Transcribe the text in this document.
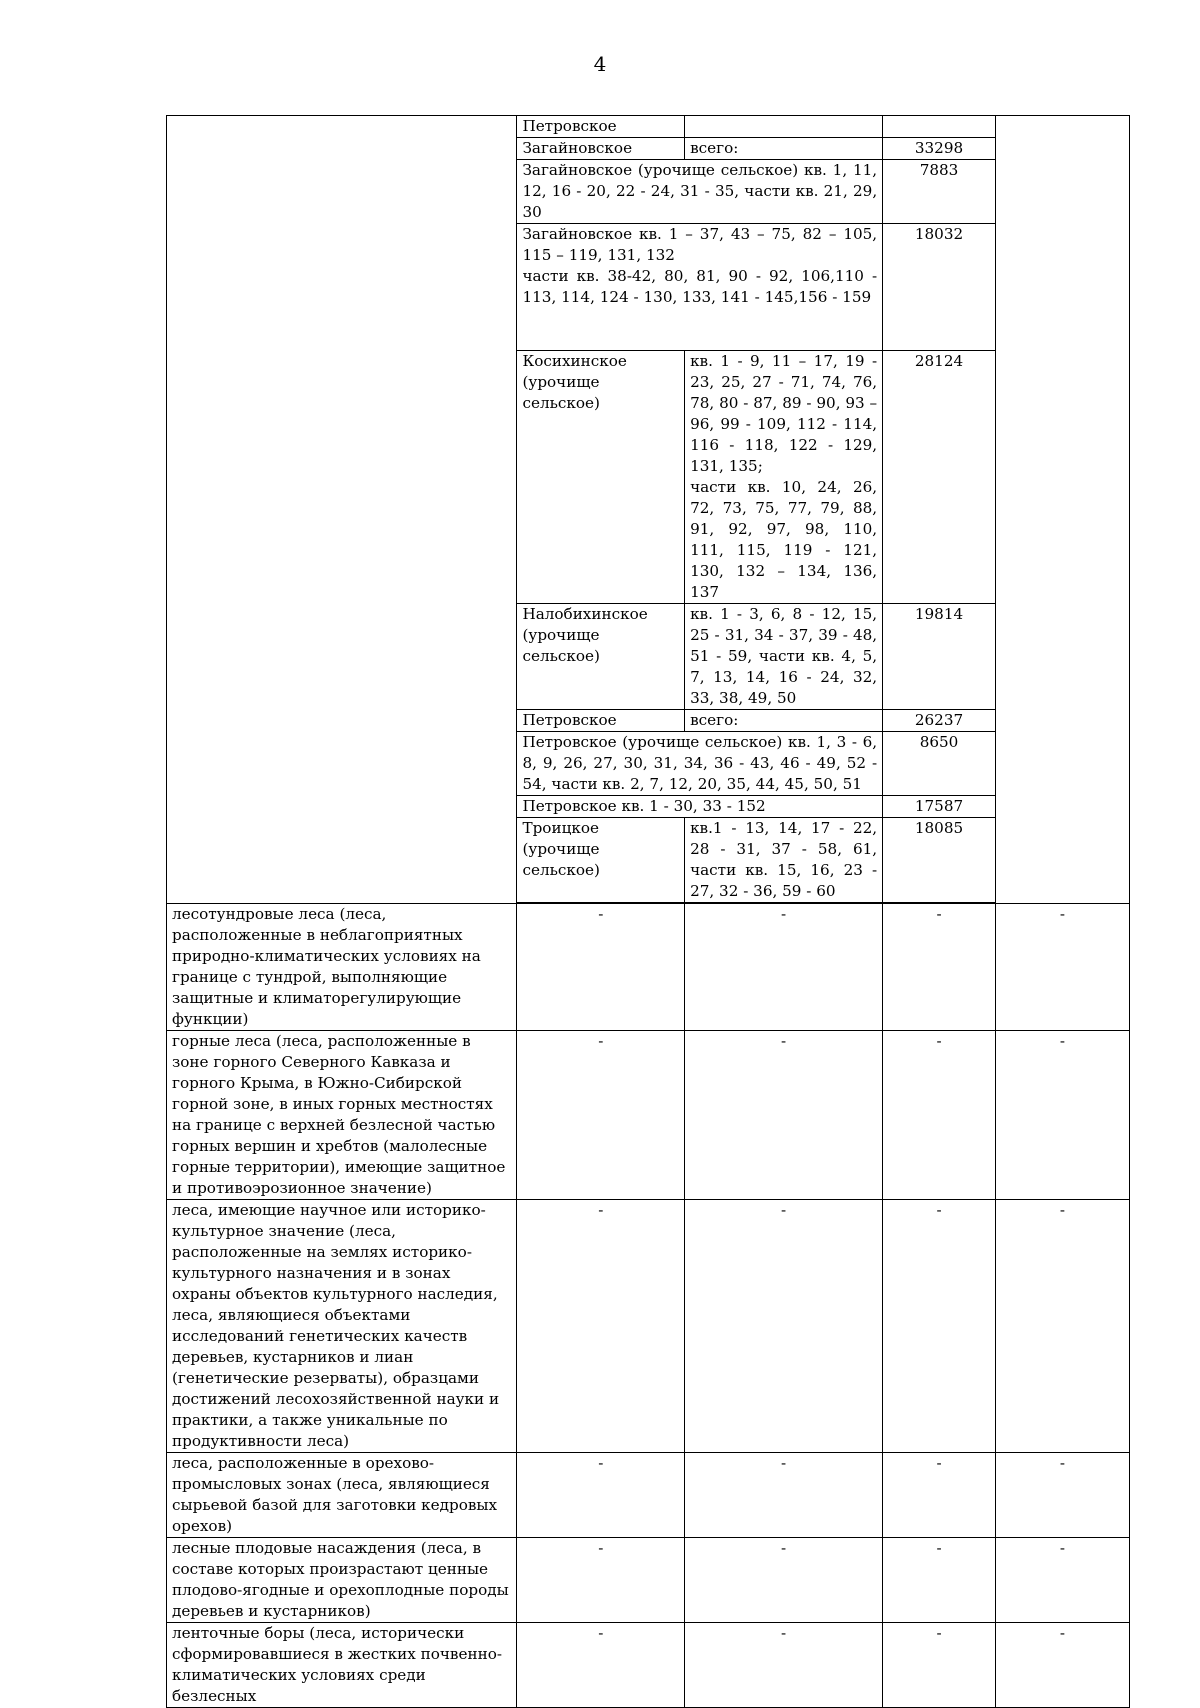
4
	Петровское			
	Загайновское	всего:	33298	
	Загайновское (урочище сельское) кв. 1, 11, 12, 16 - 20, 22 - 24, 31 - 35, части кв. 21, 29, 30		7883	

	Загайновское кв. 1 – 37, 43 – 75, 82 – 105, 115 – 119, 131, 132
части кв. 38-42, 80, 81, 90 - 92, 106,110 - 113, 114, 124 - 130, 133, 141 - 145,156 - 159		18032	
	Косихинское (урочище сельское)	кв. 1 - 9, 11 – 17, 19 - 23, 25, 27 - 71, 74, 76, 78, 80 - 87, 89 - 90, 93 – 96, 99 - 109, 112 - 114, 116 - 118, 122 - 129, 131, 135;
части кв. 10, 24, 26, 72, 73, 75, 77, 79, 88, 91, 92, 97, 98, 110, 111, 115, 119 - 121, 130, 132 – 134, 136, 137	28124	
	Налобихинское (урочище сельское)	кв. 1 - 3, 6, 8 - 12, 15, 25 - 31, 34 - 37, 39 - 48, 51 - 59, части кв. 4, 5, 7, 13, 14, 16 - 24, 32, 33, 38, 49, 50	19814	
	Петровское	всего:	26237	
	Петровское (урочище сельское) кв. 1, 3 - 6, 8, 9, 26, 27, 30, 31, 34, 36 - 43, 46 - 49, 52 - 54, части кв. 2, 7, 12, 20, 35, 44, 45, 50, 51		8650	
	Петровское кв. 1 - 30, 33 - 152		17587	
	Троицкое (урочище сельское)	кв.1 - 13, 14, 17 - 22, 28 - 31, 37 - 58, 61, части кв. 15, 16, 23 - 27, 32 - 36, 59 - 60	18085	

лесотундровые леса (леса, расположенные в неблагоприятных природно-климатических условиях на границе с тундрой, выполняющие защитные и климаторегулирующие функции)	-	-	-	-
горные леса (леса, расположенные в зоне горного Северного Кавказа и горного Крыма, в Южно-Сибирской горной зоне, в иных горных местностях на границе с верхней безлесной частью горных вершин и хребтов (малолесные горные территории), имеющие защитное и противоэрозионное значение)	-	-	-	-
леса, имеющие научное или историко-культурное значение (леса, расположенные на землях историко-культурного назначения и в зонах охраны объектов культурного наследия, леса, являющиеся объектами исследований генетических качеств деревьев, кустарников и лиан (генетические резерваты), образцами достижений лесохозяйственной науки и практики, а также уникальные по продуктивности леса)	-	-	-	-
леса, расположенные в орехово-промысловых зонах (леса, являющиеся сырьевой базой для заготовки кедровых орехов)	-	-	-	-
лесные плодовые насаждения (леса, в составе которых произрастают ценные плодово-ягодные и орехоплодные породы деревьев и кустарников)	-	-	-	-
ленточные боры (леса, исторически сформировавшиеся в жестких почвенно-климатических условиях среди безлесных	-	-	-	-
